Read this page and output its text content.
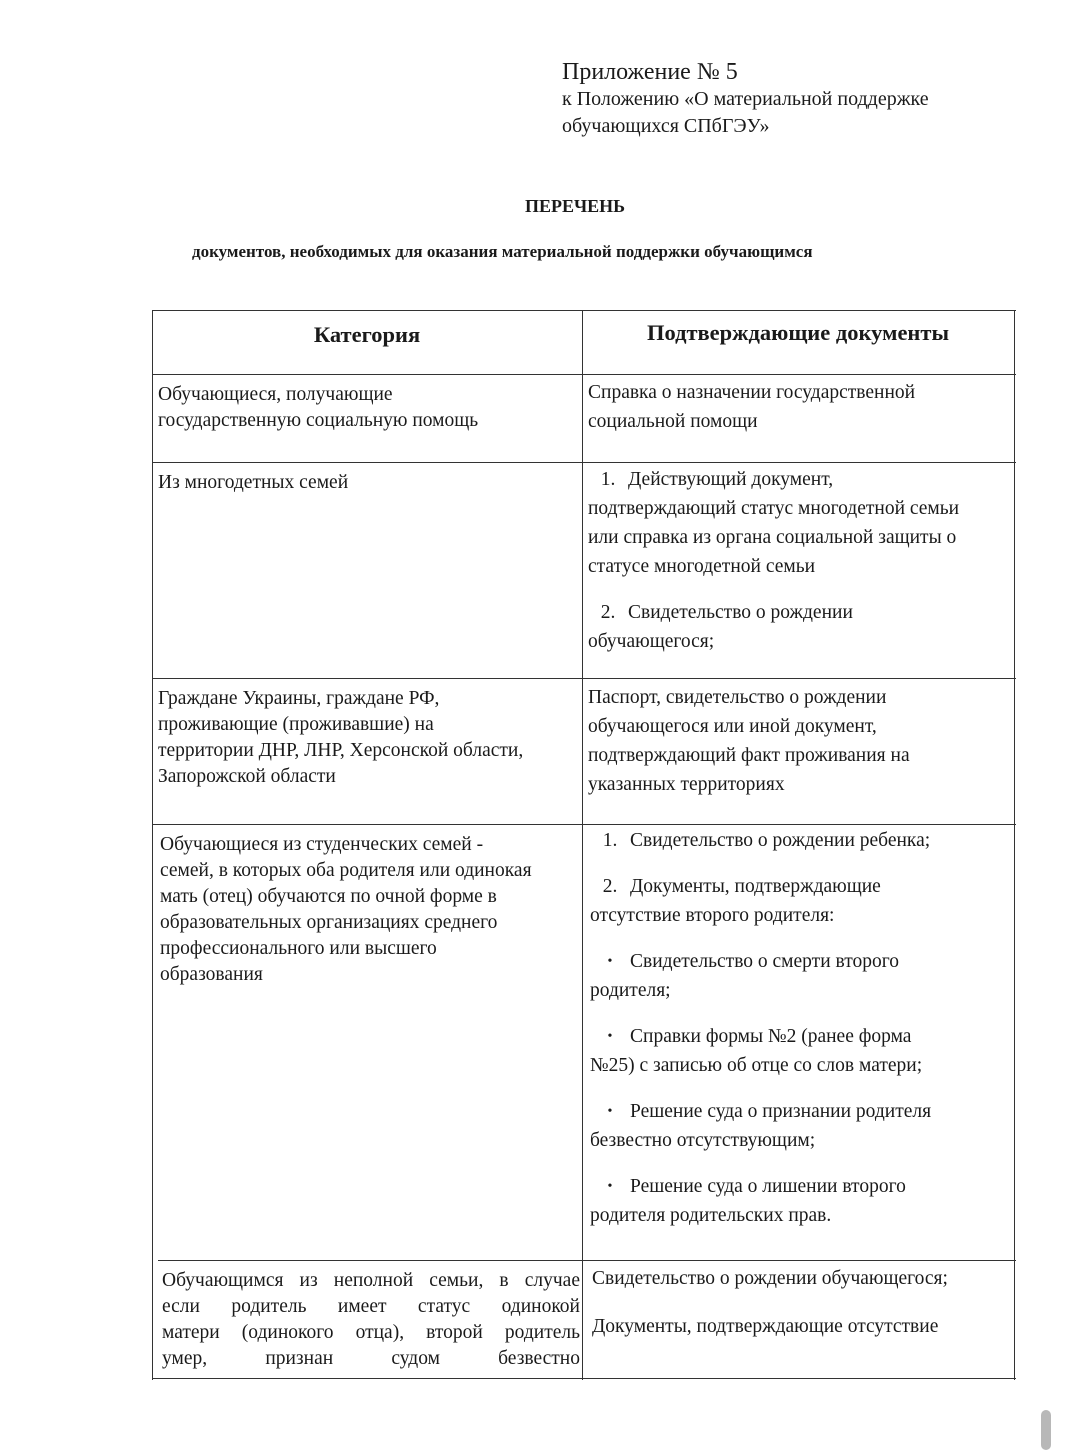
Приложение № 5
к Положению «О материальной поддержке
обучающихся СПбГЭУ»
ПЕРЕЧЕНЬ
документов, необходимых для оказания материальной поддержки обучающимся
Категория	Подтверждающие документы

Обучающиеся, получающие

государственную социальную помощь

Справка о назначении государственной

социальной помощи

Из многодетных семей	1. Действующий документ,

подтверждающий статус многодетной семьи

или справка из органа социальной защиты о

статусе многодетной семьи

2. Свидетельство о рождении

обучающегося;

Граждане Украины, граждане РФ,

проживающие (проживавшие) на

территории ДНР, ЛНР, Херсонской области,

Запорожской области

Паспорт, свидетельство о рождении

обучающегося или иной документ,

подтверждающий факт проживания на

указанных территориях

Обучающиеся из студенческих семей -

семей, в которых оба родителя или одинокая

мать (отец) обучаются по очной форме в

образовательных организациях среднего

профессионального или высшего

образования

1. Свидетельство о рождении ребенка;

2. Документы, подтверждающие

отсутствие второго родителя:

• Свидетельство о смерти второго

родителя;

• Справки формы №2 (ранее форма

№25) с записью об отце со слов матери;

• Решение суда о признании родителя

безвестно отсутствующим;

• Решение суда о лишении второго

родителя родительских прав.

Обучающимся из неполной семьи, в случае

если родитель имеет статус одинокой

матери (одинокого отца), второй родитель

умер, признан судом безвестно

Свидетельство о рождении обучающегося;

Документы, подтверждающие отсутствие
